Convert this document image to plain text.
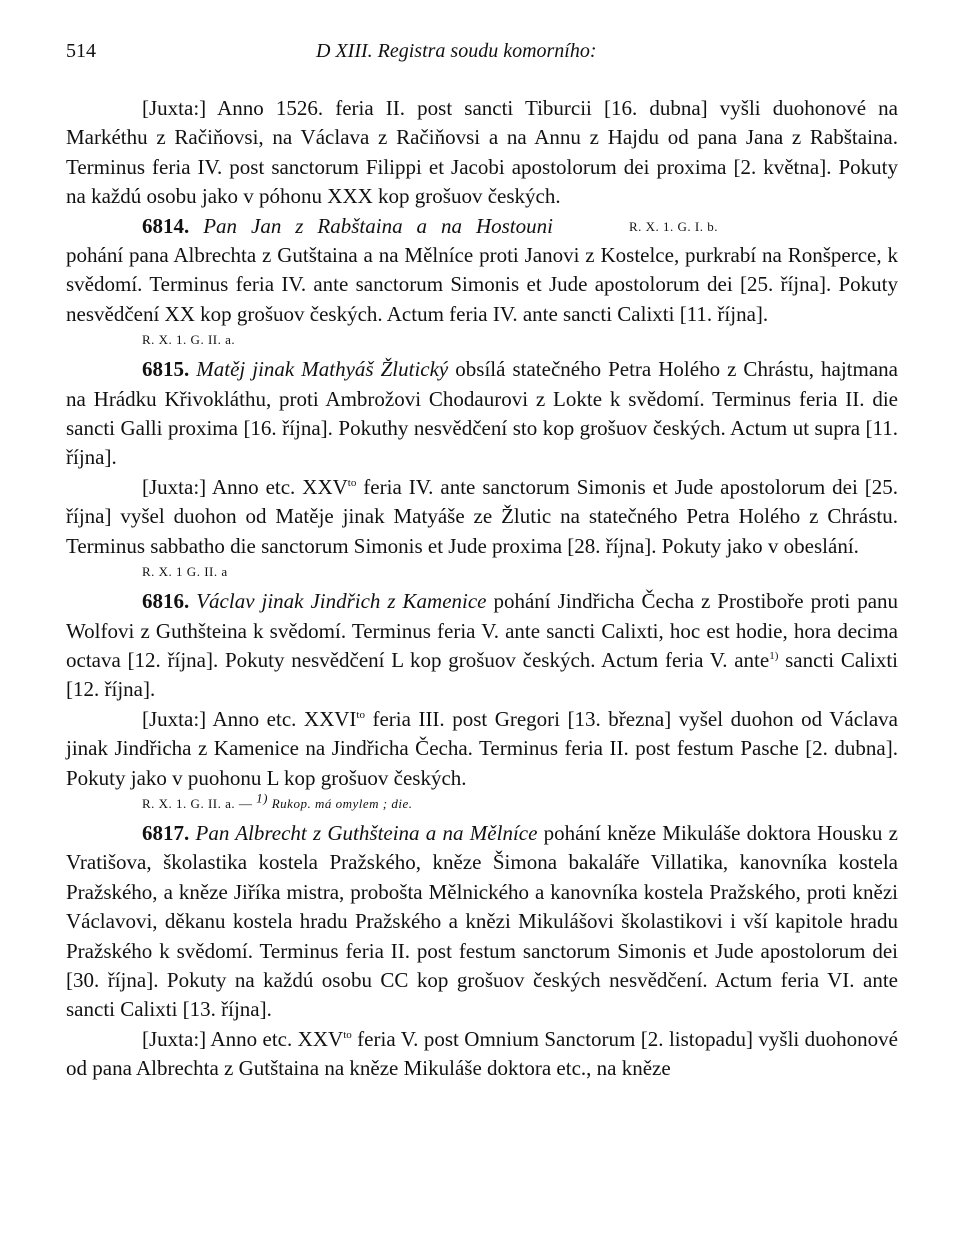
514	D XIII. Registra soudu komorního:

[Juxta:] Anno 1526. feria II. post sancti Tiburcii [16. dubna] vyšli duohonové na Markéthu z Račiňovsi, na Václava z Račiňovsi a na Annu z Hajdu od pana Jana z Rabštaina. Terminus feria IV. post sanctorum Filippi et Jacobi apostolorum dei proxima [2. května]. Pokuty na každú osobu jako v póhonu XXX kop grošuov českých.
R. X. 1. G. I. b.

6814. Pan Jan z Rabštaina a na Hostouni pohání pana Albrechta z Gutštaina a na Mělníce proti Janovi z Kostelce, purkrabí na Ronšperce, k svědomí. Terminus feria IV. ante sanctorum Simonis et Jude apostolorum dei [25. října]. Pokuty nesvědčení XX kop grošuov českých. Actum feria IV. ante sancti Calixti [11. října].

R. X. 1. G. II. a.

6815. Matěj jinak Mathyáš Žlutický obsílá statečného Petra Holého z Chrástu, hajtmana na Hrádku Křivokláthu, proti Ambrožovi Chodaurovi z Lokte k svědomí. Terminus feria II. die sancti Galli proxima [16. října]. Pokuthy nesvědčení sto kop grošuov českých. Actum ut supra [11. října].

[Juxta:] Anno etc. $XXV^{to}$ feria IV. ante sanctorum Simonis et Jude apostolorum dei [25. října] vyšel duohon od Matěje jinak Matyáše ze Žlutic na statečného Petra Holého z Chrástu. Terminus sabbatho die sanctorum Simonis et Jude proxima [28. října]. Pokuty jako v obeslání.

R. X. 1 G. II. a

6816. Václav jinak Jindřich z Kamenice pohání Jindřicha Čecha z Prostiboře proti panu Wolfovi z Guthšteina k svědomí. Terminus feria V. ante sancti Calixti, hoc est hodie, hora decima octava [12. října]. Pokuty nesvědčení L kop grošuov českých. Actum feria V. ante$^{1)}$ sancti Calixti [12. října].

[Juxta:] Anno etc. $XXVI^{to}$ feria III. post Gregori [13. března] vyšel duohon od Václava jinak Jindřicha z Kamenice na Jindřicha Čecha. Terminus feria II. post festum Pasche [2. dubna]. Pokuty jako v puohonu L kop grošuov českých.

R. X. 1. G. II. a. — $^{1)}$ Rukop. má omylem ; die.

6817. Pan Albrecht z Guthšteina a na Mělníce pohání kněze Mikuláše doktora Housku z Vratišova, školastika kostela Pražského, kněze Šimona bakaláře Villatika, kanovníka kostela Pražského, a kněze Jiříka mistra, probošta Mělnického a kanovníka kostela Pražského, proti knězi Václavovi, děkanu kostela hradu Pražského a knězi Mikulášovi školastikovi i vší kapitole hradu Pražského k svědomí. Terminus feria II. post festum sanctorum Simonis et Jude apostolorum dei [30. října]. Pokuty na každú osobu CC kop grošuov českých nesvědčení. Actum feria VI. ante sancti Calixti [13. října].

[Juxta:] Anno etc. $XXV^{to}$ feria V. post Omnium Sanctorum [2. listopadu] vyšli duohonové od pana Albrechta z Gutštaina na kněze Mikuláše doktora etc., na kněze
